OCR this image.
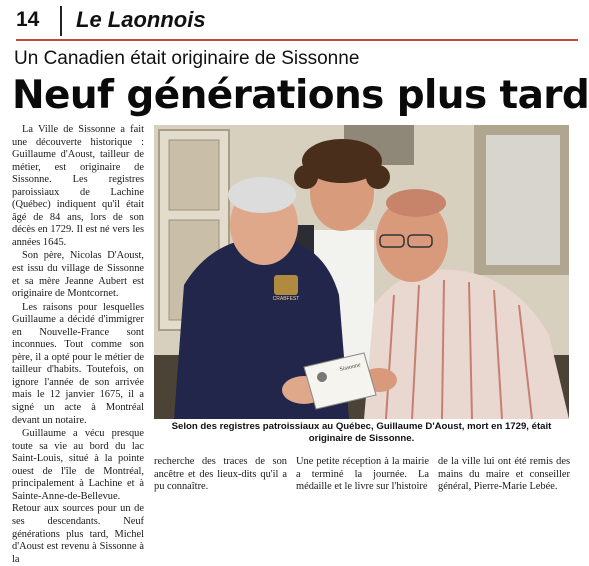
14 Le Laonnois
Un Canadien était originaire de Sissonne
Neuf générations plus tard

La Ville de Sissonne a fait une découverte historique : Guillaume d'Aoust, tailleur de métier, est originaire de Sissonne. Les registres paroissiaux de Lachine (Québec) indiquent qu'il était âgé de 84 ans, lors de son décès en 1729. Il est né vers les années 1645.

Son père, Nicolas D'Aoust, est issu du village de Sissonne et sa mère Jeanne Aubert est originaire de Montcornet.

Les raisons pour lesquelles Guillaume a décidé d'immigrer en Nouvelle-France sont inconnues. Tout comme son père, il a opté pour le métier de tailleur d'habits. Toutefois, on ignore l'année de son arrivée mais le 12 janvier 1675, il a signé un acte à Montréal devant un notaire.

Guillaume a vécu presque toute sa vie au bord du lac Saint-Louis, situé à la pointe ouest de l'île de Montréal, principalement à Lachine et à Sainte-Anne-de-Bellevue. Retour aux sources pour un de ses descendants. Neuf générations plus tard, Michel d'Aoust est revenu à Sissonne à la

CRABFEST
Sissonne
Selon des registres patroissiaux au Québec, Guillaume D'Aoust, mort en 1729, était originaire de Sissonne.
recherche des traces de son ancêtre et des lieux-dits qu'il a pu connaître.
Une petite réception à la mairie a terminé la journée. La médaille et le livre sur l'histoire
de la ville lui ont été remis des mains du maire et conseiller général, Pierre-Marie Lebée.
